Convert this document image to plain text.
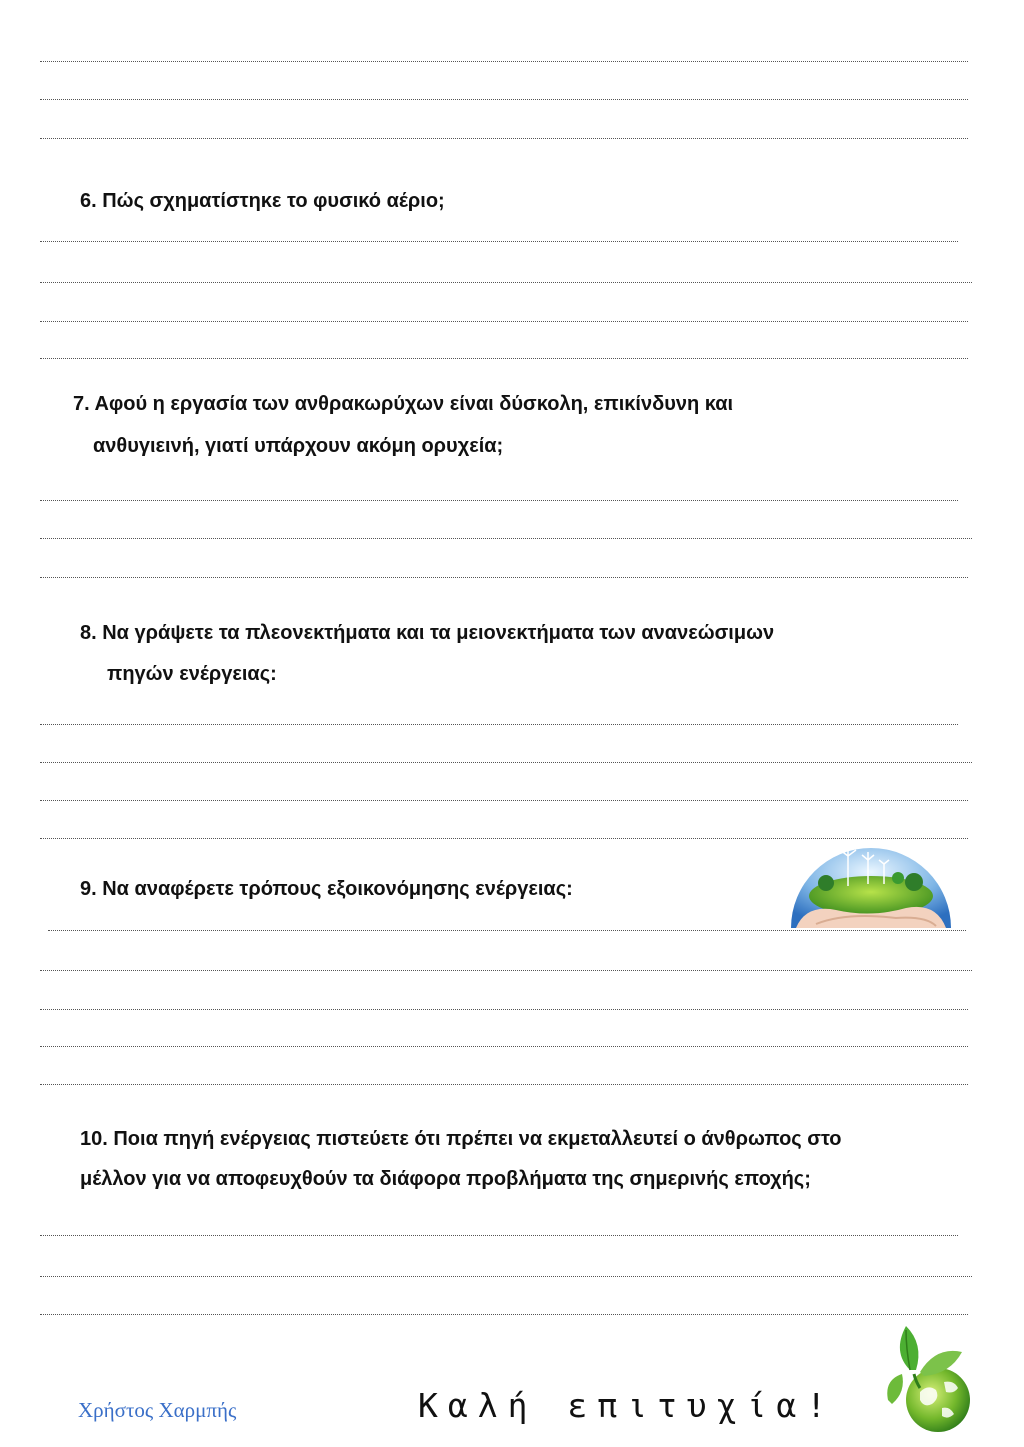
6. Πώς σχηματίστηκε το φυσικό αέριο;
7. Αφού η εργασία των ανθρακωρύχων είναι δύσκολη, επικίνδυνη και
ανθυγιεινή, γιατί υπάρχουν ακόμη ορυχεία;
8. Να γράψετε τα πλεονεκτήματα και τα μειονεκτήματα των ανανεώσιμων
πηγών ενέργειας:
9. Να αναφέρετε τρόπους εξοικονόμησης ενέργειας:
10. Ποια πηγή ενέργειας πιστεύετε ότι πρέπει να εκμεταλλευτεί ο άνθρωπος στο
μέλλον για να αποφευχθούν τα διάφορα προβλήματα της σημερινής εποχής;
Χρήστος Χαρμπής	Καλή επιτυχία!
